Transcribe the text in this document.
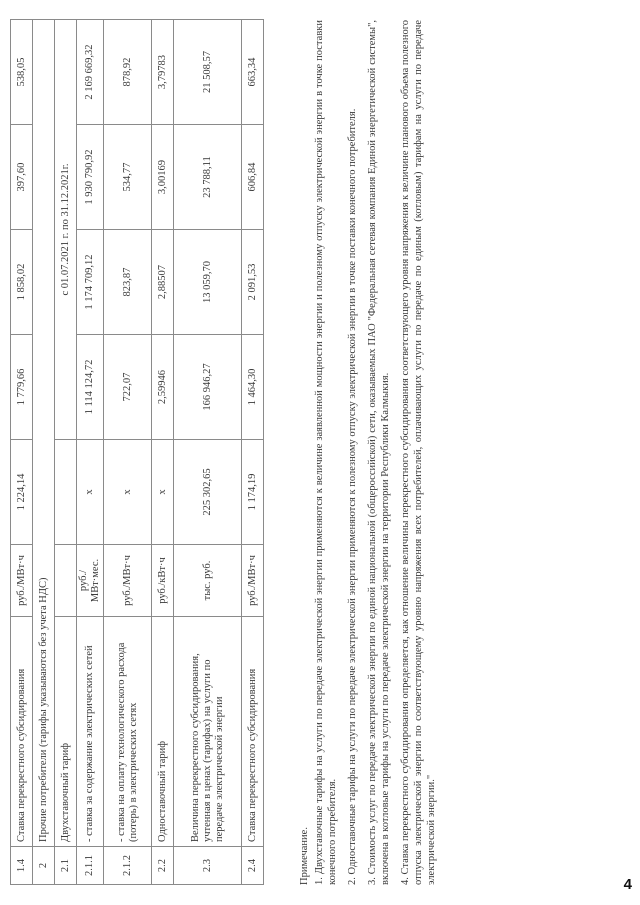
1.4	Ставка перекрестного субсидирования	руб./МВт·ч	1 224,14	1 779,66	1 858,02	397,60	538,05
2	Прочие потребители (тарифы указываются без учета НДС)						
2.1	Двухставочный тариф			с 01.07.2021 г. по 31.12.2021г.			
2.1.1	- ставка за содержание электрических сетей	руб./МВт·мес.	x	1 114 124,72	1 174 709,12	1 930 790,92	2 169 669,32
2.1.2	- ставка на оплату технологического расхода (потерь) в электрических сетях	руб./МВт·ч	x	722,07	823,87	534,77	878,92
2.2	Одноставочный тариф	руб./кВт·ч	x	2,59946	2,88507	3,00169	3,79783
2.3	Величина перекрестного субсидирования, учтенная в ценах (тарифах) на услуги по передаче электрической энергии	тыс. руб.	225 302,65	166 946,27	13 059,70	23 788,11	21 508,57
2.4	Ставка перекрестного субсидирования	руб./МВт·ч	1 174,19	1 464,30	2 091,53	606,84	663,34

Примечание. 1. Двухставочные тарифы на услуги по передаче электрической энергии применяются к величине заявленной мощности энергии и полезному отпуску электрической энергии в точке поставки конечного потребителя. 2. Одноставочные тарифы на услуги по передаче электрической энергии применяются к полезному отпуску электрической энергии в точке поставки конечного потребителя. 3. Стоимость услуг по передаче электрической энергии по единой национальной (общероссийской) сети, оказываемых ПАО "Федеральная сетевая компания Единой энергетической системы", включена в котловые тарифы на услуги по передаче электрической энергии на территории Республики Калмыкия. 4. Ставка перекрестного субсидирования определяется, как отношение величины перекрестного субсидирования соответствующего уровня напряжения к величине планового объема полезного отпуска электрической энергии по соответствующему уровню напряжения всех потребителей, оплачивающих услуги по передаче по единым (котловым) тарифам на услуги по передаче электрической энергии."	4
